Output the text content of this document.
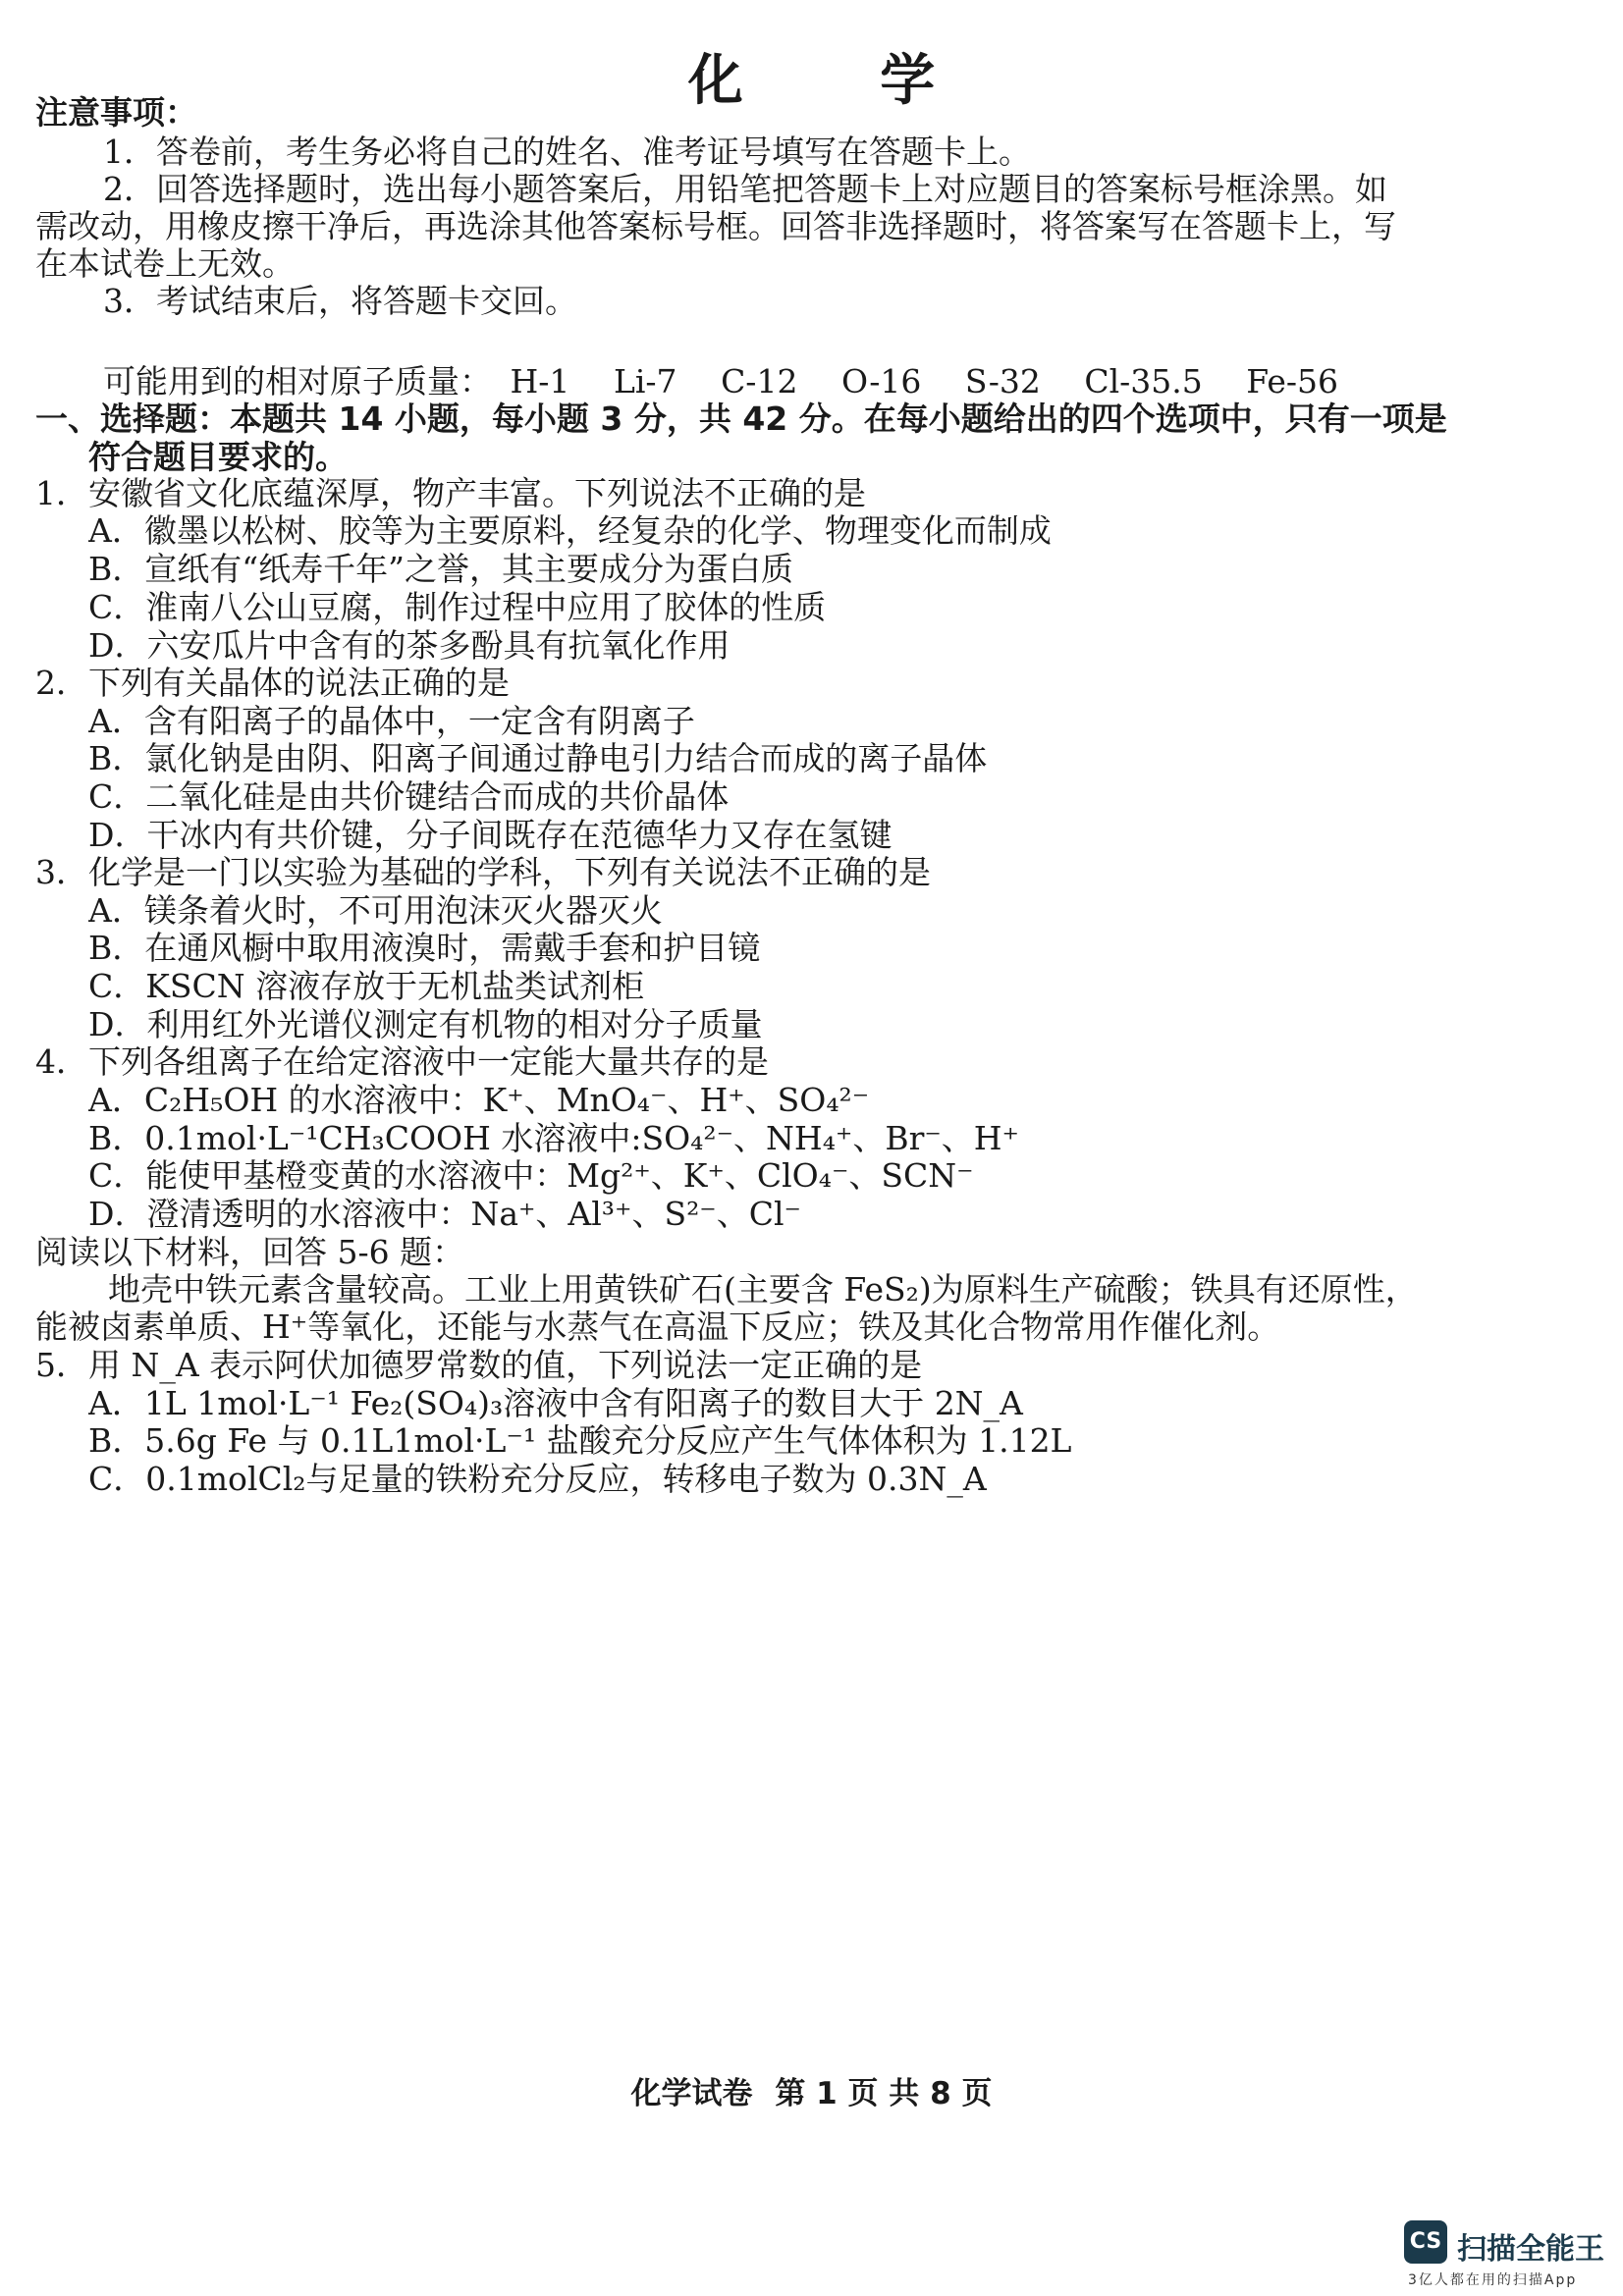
化 学
注意事项：
1．答卷前，考生务必将自己的姓名、准考证号填写在答题卡上。
2．回答选择题时，选出每小题答案后，用铅笔把答题卡上对应题目的答案标号框涂黑。如
需改动，用橡皮擦干净后，再选涂其他答案标号框。回答非选择题时，将答案写在答题卡上，写
在本试卷上无效。
3．考试结束后，将答题卡交回。
可能用到的相对原子质量： H-1 Li-7 C-12 O-16 S-32 Cl-35.5 Fe-56
一、选择题：本题共 14 小题，每小题 3 分，共 42 分。在每小题给出的四个选项中，只有一项是
符合题目要求的。
1．安徽省文化底蕴深厚，物产丰富。下列说法不正确的是
A．徽墨以松树、胶等为主要原料，经复杂的化学、物理变化而制成
B．宣纸有“纸寿千年”之誉，其主要成分为蛋白质
C．淮南八公山豆腐，制作过程中应用了胶体的性质
D．六安瓜片中含有的茶多酚具有抗氧化作用
2．下列有关晶体的说法正确的是
A．含有阳离子的晶体中，一定含有阴离子
B．氯化钠是由阴、阳离子间通过静电引力结合而成的离子晶体
C．二氧化硅是由共价键结合而成的共价晶体
D．干冰内有共价键，分子间既存在范德华力又存在氢键
3．化学是一门以实验为基础的学科，下列有关说法不正确的是
A．镁条着火时，不可用泡沫灭火器灭火
B．在通风橱中取用液溴时，需戴手套和护目镜
C．KSCN 溶液存放于无机盐类试剂柜
D．利用红外光谱仪测定有机物的相对分子质量
4．下列各组离子在给定溶液中一定能大量共存的是
A．C₂H₅OH 的水溶液中：K⁺、MnO₄⁻、H⁺、SO₄²⁻
B．0.1mol·L⁻¹CH₃COOH 水溶液中:SO₄²⁻、NH₄⁺、Br⁻、H⁺
C．能使甲基橙变黄的水溶液中：Mg²⁺、K⁺、ClO₄⁻、SCN⁻
D．澄清透明的水溶液中：Na⁺、Al³⁺、S²⁻、Cl⁻
阅读以下材料，回答 5-6 题：
地壳中铁元素含量较高。工业上用黄铁矿石(主要含 FeS₂)为原料生产硫酸；铁具有还原性，
能被卤素单质、H⁺等氧化，还能与水蒸气在高温下反应；铁及其化合物常用作催化剂。
5．用 N_A 表示阿伏加德罗常数的值，下列说法一定正确的是
A．1L 1mol·L⁻¹ Fe₂(SO₄)₃溶液中含有阳离子的数目大于 2N_A
B．5.6g Fe 与 0.1L1mol·L⁻¹ 盐酸充分反应产生气体体积为 1.12L
C．0.1molCl₂与足量的铁粉充分反应，转移电子数为 0.3N_A
化学试卷 第 1 页 共 8 页
CS 扫描全能王
3亿人都在用的扫描App
